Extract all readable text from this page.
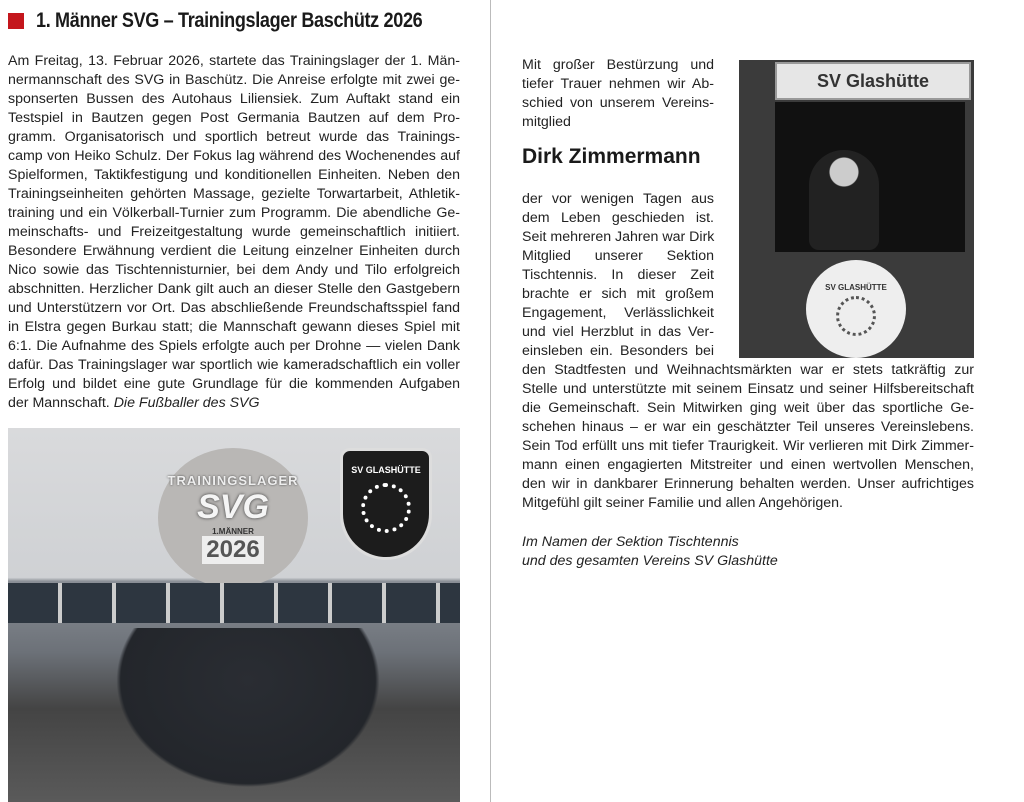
1. Männer SVG – Trainingslager Baschütz 2026
Am Freitag, 13. Februar 2026, startete das Trainingslager der 1. Män-
nermannschaft des SVG in Baschütz. Die Anreise erfolgte mit zwei ge-
sponserten Bussen des Autohaus Liliensiek. Zum Auftakt stand ein
Testspiel in Bautzen gegen Post Germania Bautzen auf dem Pro-
gramm. Organisatorisch und sportlich betreut wurde das Trainings-
camp von Heiko Schulz. Der Fokus lag während des Wochenendes auf
Spielformen, Taktikfestigung und konditionellen Einheiten. Neben den
Trainingseinheiten gehörten Massage, gezielte Torwartarbeit, Athletik-
training und ein Völkerball-Turnier zum Programm. Die abendliche Ge-
meinschafts- und Freizeitgestaltung wurde gemeinschaftlich initiiert.
Besondere Erwähnung verdient die Leitung einzelner Einheiten durch
Nico sowie das Tischtennisturnier, bei dem Andy und Tilo erfolgreich
abschnitten. Herzlicher Dank gilt auch an dieser Stelle den Gastgebern
und Unterstützern vor Ort. Das abschließende Freundschaftsspiel fand
in Elstra gegen Burkau statt; die Mannschaft gewann dieses Spiel mit
6:1. Die Aufnahme des Spiels erfolgte auch per Drohne — vielen Dank
dafür. Das Trainingslager war sportlich wie kameradschaftlich ein voller
Erfolg und bildet eine gute Grundlage für die kommenden Aufgaben
der Mannschaft. Die Fußballer des SVG
TRAININGSLAGER
SVG
1.MÄNNER
2026
SV GLASHÜTTE
Mit großer Bestürzung und
tiefer Trauer nehmen wir Ab-
schied von unserem Vereins-
mitglied
Dirk Zimmermann
der vor wenigen Tagen aus
dem Leben geschieden ist.
Seit mehreren Jahren war Dirk
Mitglied unserer Sektion
Tischtennis. In dieser Zeit
brachte er sich mit großem
Engagement, Verlässlichkeit
und viel Herzblut in das Ver-
einsleben ein. Besonders bei
den Stadtfesten und Weihnachtsmärkten war er stets tatkräftig zur
Stelle und unterstützte mit seinem Einsatz und seiner Hilfsbereitschaft
die Gemeinschaft. Sein Mitwirken ging weit über das sportliche Ge-
schehen hinaus – er war ein geschätzter Teil unseres Vereinslebens.
Sein Tod erfüllt uns mit tiefer Traurigkeit. Wir verlieren mit Dirk Zimmer-
mann einen engagierten Mitstreiter und einen wertvollen Menschen,
den wir in dankbarer Erinnerung behalten werden. Unser aufrichtiges
Mitgefühl gilt seiner Familie und allen Angehörigen.
Im Namen der Sektion Tischtennis
und des gesamten Vereins SV Glashütte
SV Glashütte
SV GLASHÜTTE
